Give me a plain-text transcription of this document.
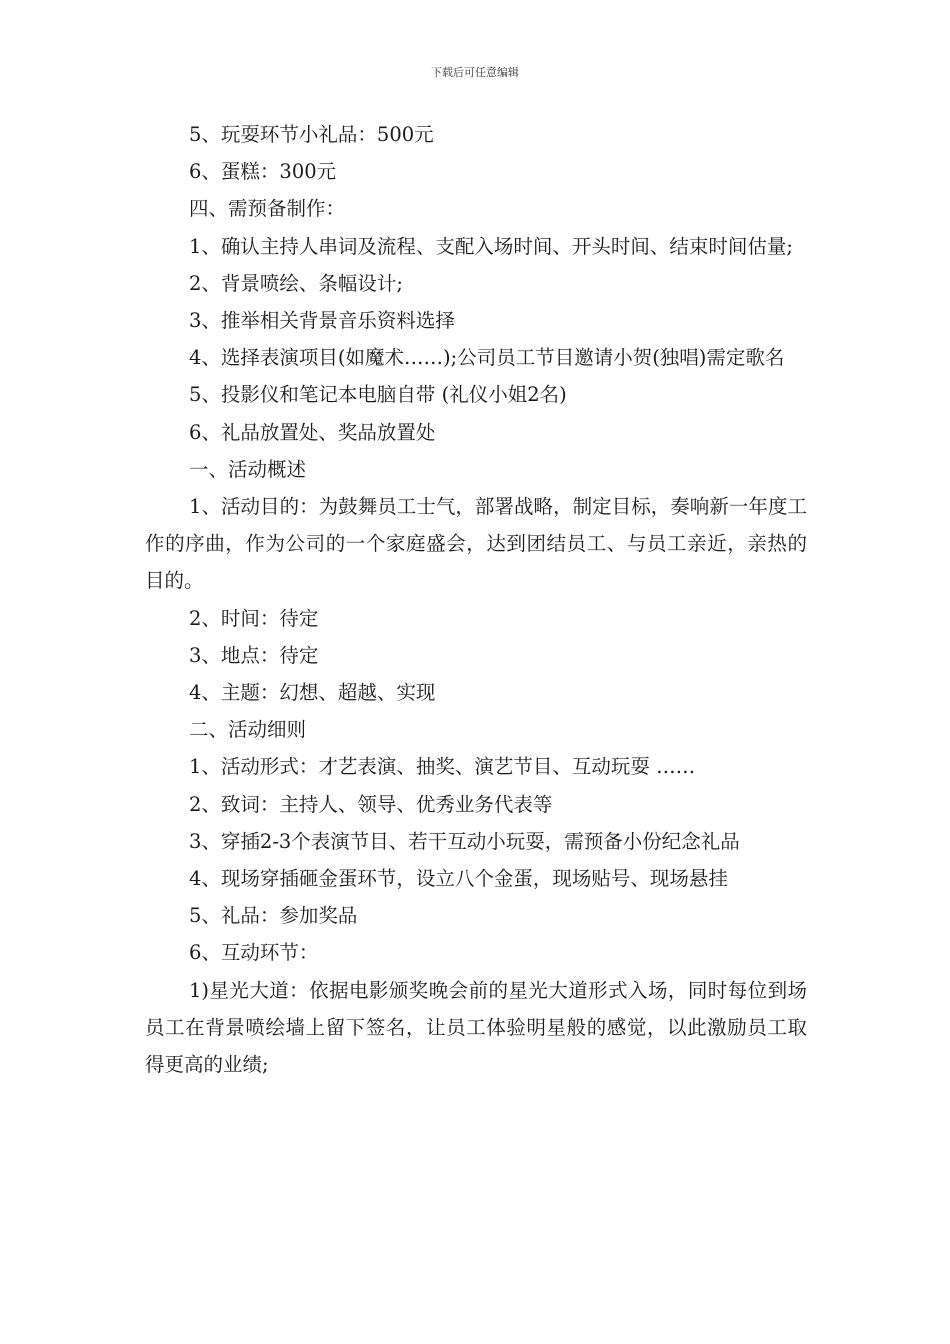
下载后可任意编辑

5、玩耍环节小礼品：500元

6、蛋糕：300元

四、需预备制作：

1、确认主持人串词及流程、支配入场时间、开头时间、结束时间估量;

2、背景喷绘、条幅设计;

3、推举相关背景音乐资料选择

4、选择表演项目(如魔术……);公司员工节目邀请小贺(独唱)需定歌名

5、投影仪和笔记本电脑自带 (礼仪小姐2名)

6、礼品放置处、奖品放置处

一、活动概述

1、活动目的：为鼓舞员工士气，部署战略，制定目标，奏响新一年度工作的序曲，作为公司的一个家庭盛会，达到团结员工、与员工亲近，亲热的目的。

2、时间：待定

3、地点：待定

4、主题：幻想、超越、实现

二、活动细则

1、活动形式：才艺表演、抽奖、演艺节目、互动玩耍 ……

2、致词：主持人、领导、优秀业务代表等

3、穿插2-3个表演节目、若干互动小玩耍，需预备小份纪念礼品

4、现场穿插砸金蛋环节，设立八个金蛋，现场贴号、现场悬挂

5、礼品：参加奖品

6、互动环节：

1)星光大道：依据电影颁奖晚会前的星光大道形式入场，同时每位到场员工在背景喷绘墙上留下签名，让员工体验明星般的感觉，以此激励员工取得更高的业绩;
